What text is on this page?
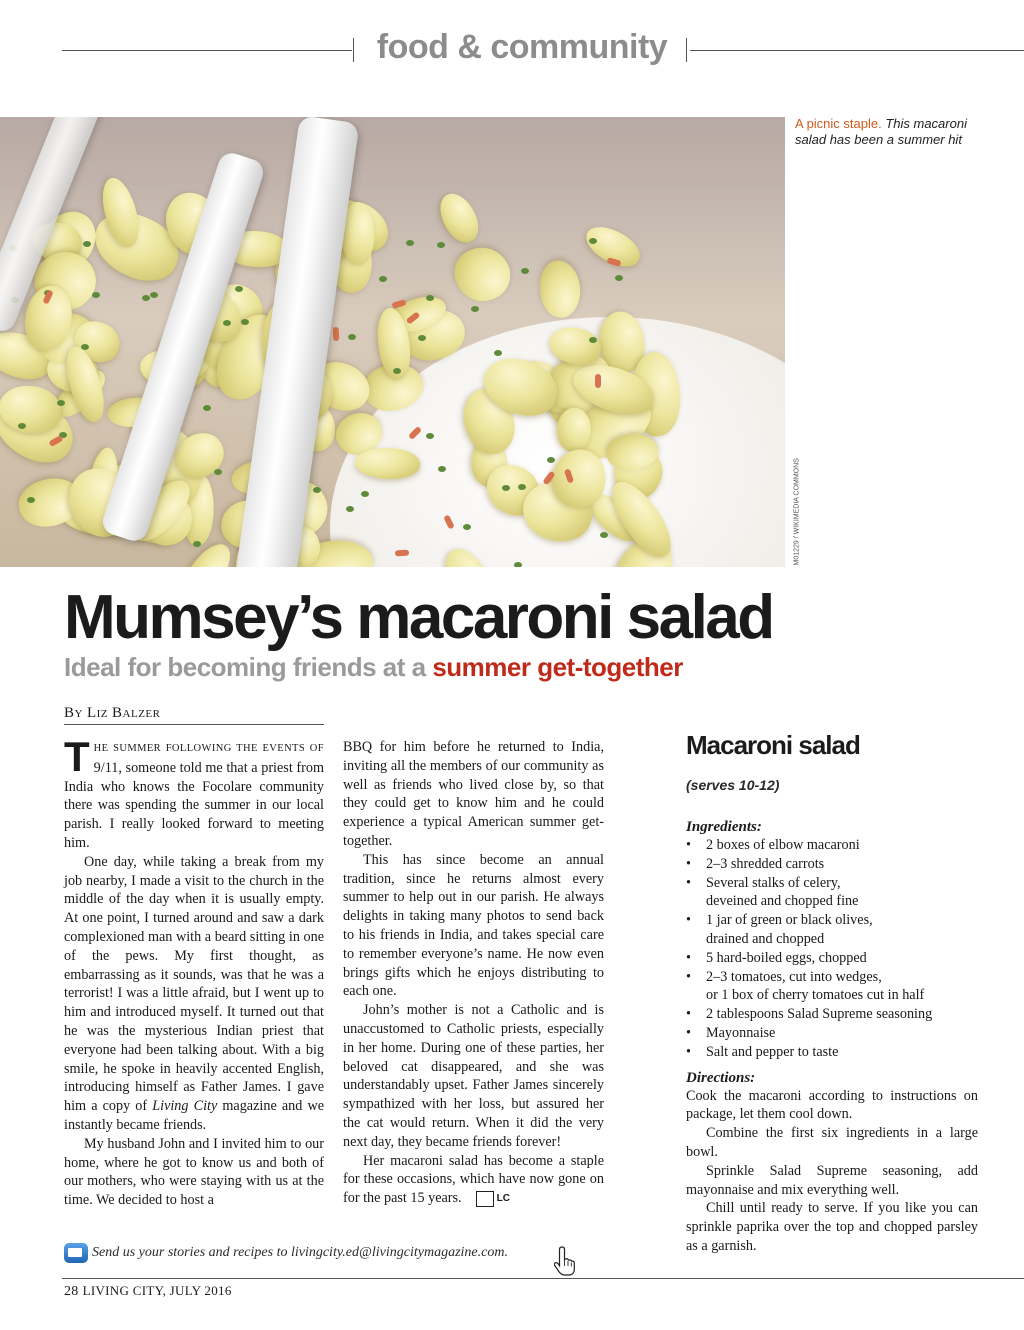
food & community
M01229 / WIKIMEDIA COMMONS
A picnic staple. This macaroni salad has been a summer hit
Mumsey’s macaroni salad
Ideal for becoming friends at a summer get-together
BY LIZ BALZER

THE SUMMER FOLLOWING THE EVENTS OF 9/11, someone told me that a priest from India who knows the Focolare community there was spending the summer in our local parish. I really looked forward to meeting him.

One day, while taking a break from my job nearby, I made a visit to the church in the middle of the day when it is usually empty. At one point, I turned around and saw a dark complexioned man with a beard sitting in one of the pews. My first thought, as embarrassing as it sounds, was that he was a terrorist! I was a little afraid, but I went up to him and introduced myself. It turned out that he was the mysterious Indian priest that everyone had been talking about. With a big smile, he spoke in heavily accented English, introducing himself as Father James. I gave him a copy of Living City magazine and we instantly became friends.

My husband John and I invited him to our home, where he got to know us and both of our mothers, who were staying with us at the time. We decided to host a

BBQ for him before he returned to India, inviting all the members of our community as well as friends who lived close by, so that they could get to know him and he could experience a typical American summer get-together.

This has since become an annual tradition, since he returns almost every summer to help out in our parish. He always delights in taking many photos to send back to his friends in India, and takes special care to remember everyone’s name. He now even brings gifts which he enjoys distributing to each one.

John’s mother is not a Catholic and is unaccustomed to Catholic priests, especially in her home. During one of these parties, her beloved cat disappeared, and she was understandably upset. Father James sincerely sympathized with her loss, but assured her the cat would return. When it did the very next day, they became friends forever!

Her macaroni salad has become a staple for these occasions, which have now gone on for the past 15 years.	LC

Macaroni salad
(serves 10-12)
Ingredients:
• 2 boxes of elbow macaroni
• 2–3 shredded carrots
• Several stalks of celery,
deveined and chopped fine
• 1 jar of green or black olives,
drained and chopped
• 5 hard-boiled eggs, chopped
• 2–3 tomatoes, cut into wedges,
or 1 box of cherry tomatoes cut in half
• 2 tablespoons Salad Supreme seasoning
• Mayonnaise
• Salt and pepper to taste
Directions:

Cook the macaroni according to instructions on package, let them cool down.

Combine the first six ingredients in a large bowl.

Sprinkle Salad Supreme seasoning, add mayonnaise and mix everything well.

Chill until ready to serve. If you like you can sprinkle paprika over the top and chopped parsley as a garnish.

Send us your stories and recipes to livingcity.ed@livingcitymagazine.com.
28 LIVING CITY, JULY 2016
